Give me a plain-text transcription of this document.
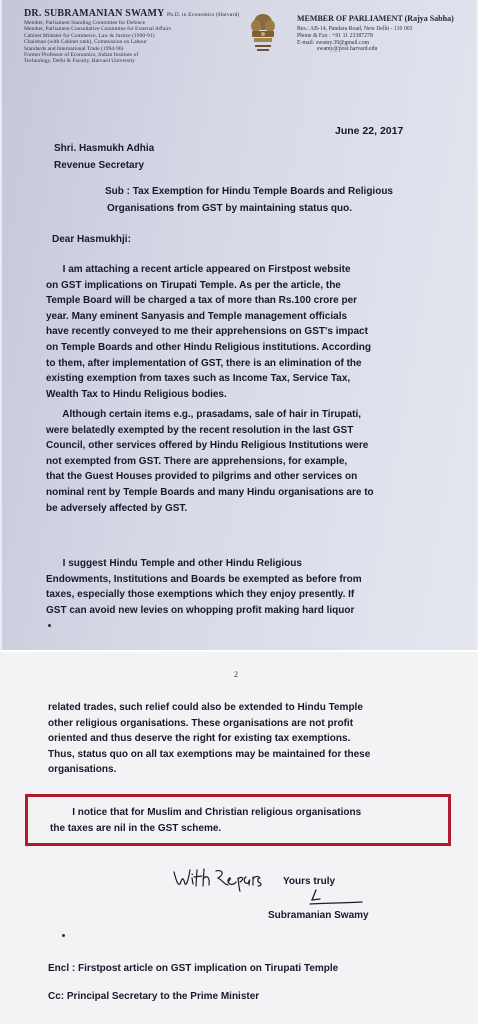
DR. SUBRAMANIAN SWAMY Ph.D. in Economics (Harvard)
Member, Parliament Standing Committee for Defence
Member, Parliament Consultative Committee for External Affairs
Cabinet Minister for Commerce, Law & Justice (1990-91)
Chairman (with Cabinet rank), Commission on Labour
Standards and International Trade (1994-96)
Former Professor of Economics, Indian Institute of
Technology, Delhi & Faculty, Harvard University
MEMBER OF PARLIAMENT (Rajya Sabha)
Res.: AB-14, Pandara Road, New Delhi - 110 003
Phone & Fax : +91 11 23387278
E-mail: swamy.39@gmail.com
swamy@post.harvard.edu
June 22, 2017
Shri. Hasmukh Adhia
Revenue Secretary
Sub : Tax Exemption for Hindu Temple Boards and Religious
Organisations from GST by maintaining status quo.
Dear Hasmukhji:
I am attaching a recent article appeared on Firstpost website
on GST implications on Tirupati Temple. As per the article, the
Temple Board will be charged a tax of more than Rs.100 crore per
year. Many eminent Sanyasis and Temple management officials
have recently conveyed to me their apprehensions on GST's impact
on Temple Boards and other Hindu Religious institutions. According
to them, after implementation of GST, there is an elimination of the
existing exemption from taxes such as Income Tax, Service Tax,
Wealth Tax to Hindu Religious bodies.
Although certain items e.g., prasadams, sale of hair in Tirupati,
were belatedly exempted by the recent resolution in the last GST
Council, other services offered by Hindu Religious Institutions were
not exempted from GST. There are apprehensions, for example,
that the Guest Houses provided to pilgrims and other services on
nominal rent by Temple Boards and many Hindu organisations are to
be adversely affected by GST.
I suggest Hindu Temple and other Hindu Religious
Endowments, Institutions and Boards be exempted as before from
taxes, especially those exemptions which they enjoy presently. If
GST can avoid new levies on whopping profit making hard liquor
2
related trades, such relief could also be extended to Hindu Temple
other religious organisations. These organisations are not profit
oriented and thus deserve the right for existing tax exemptions.
Thus, status quo on all tax exemptions may be maintained for these
organisations.
I notice that for Muslim and Christian religious organisations
the taxes are nil in the GST scheme.
Yours truly
Subramanian Swamy
Encl : Firstpost article on GST implication on Tirupati Temple
Cc: Principal Secretary to the Prime Minister
